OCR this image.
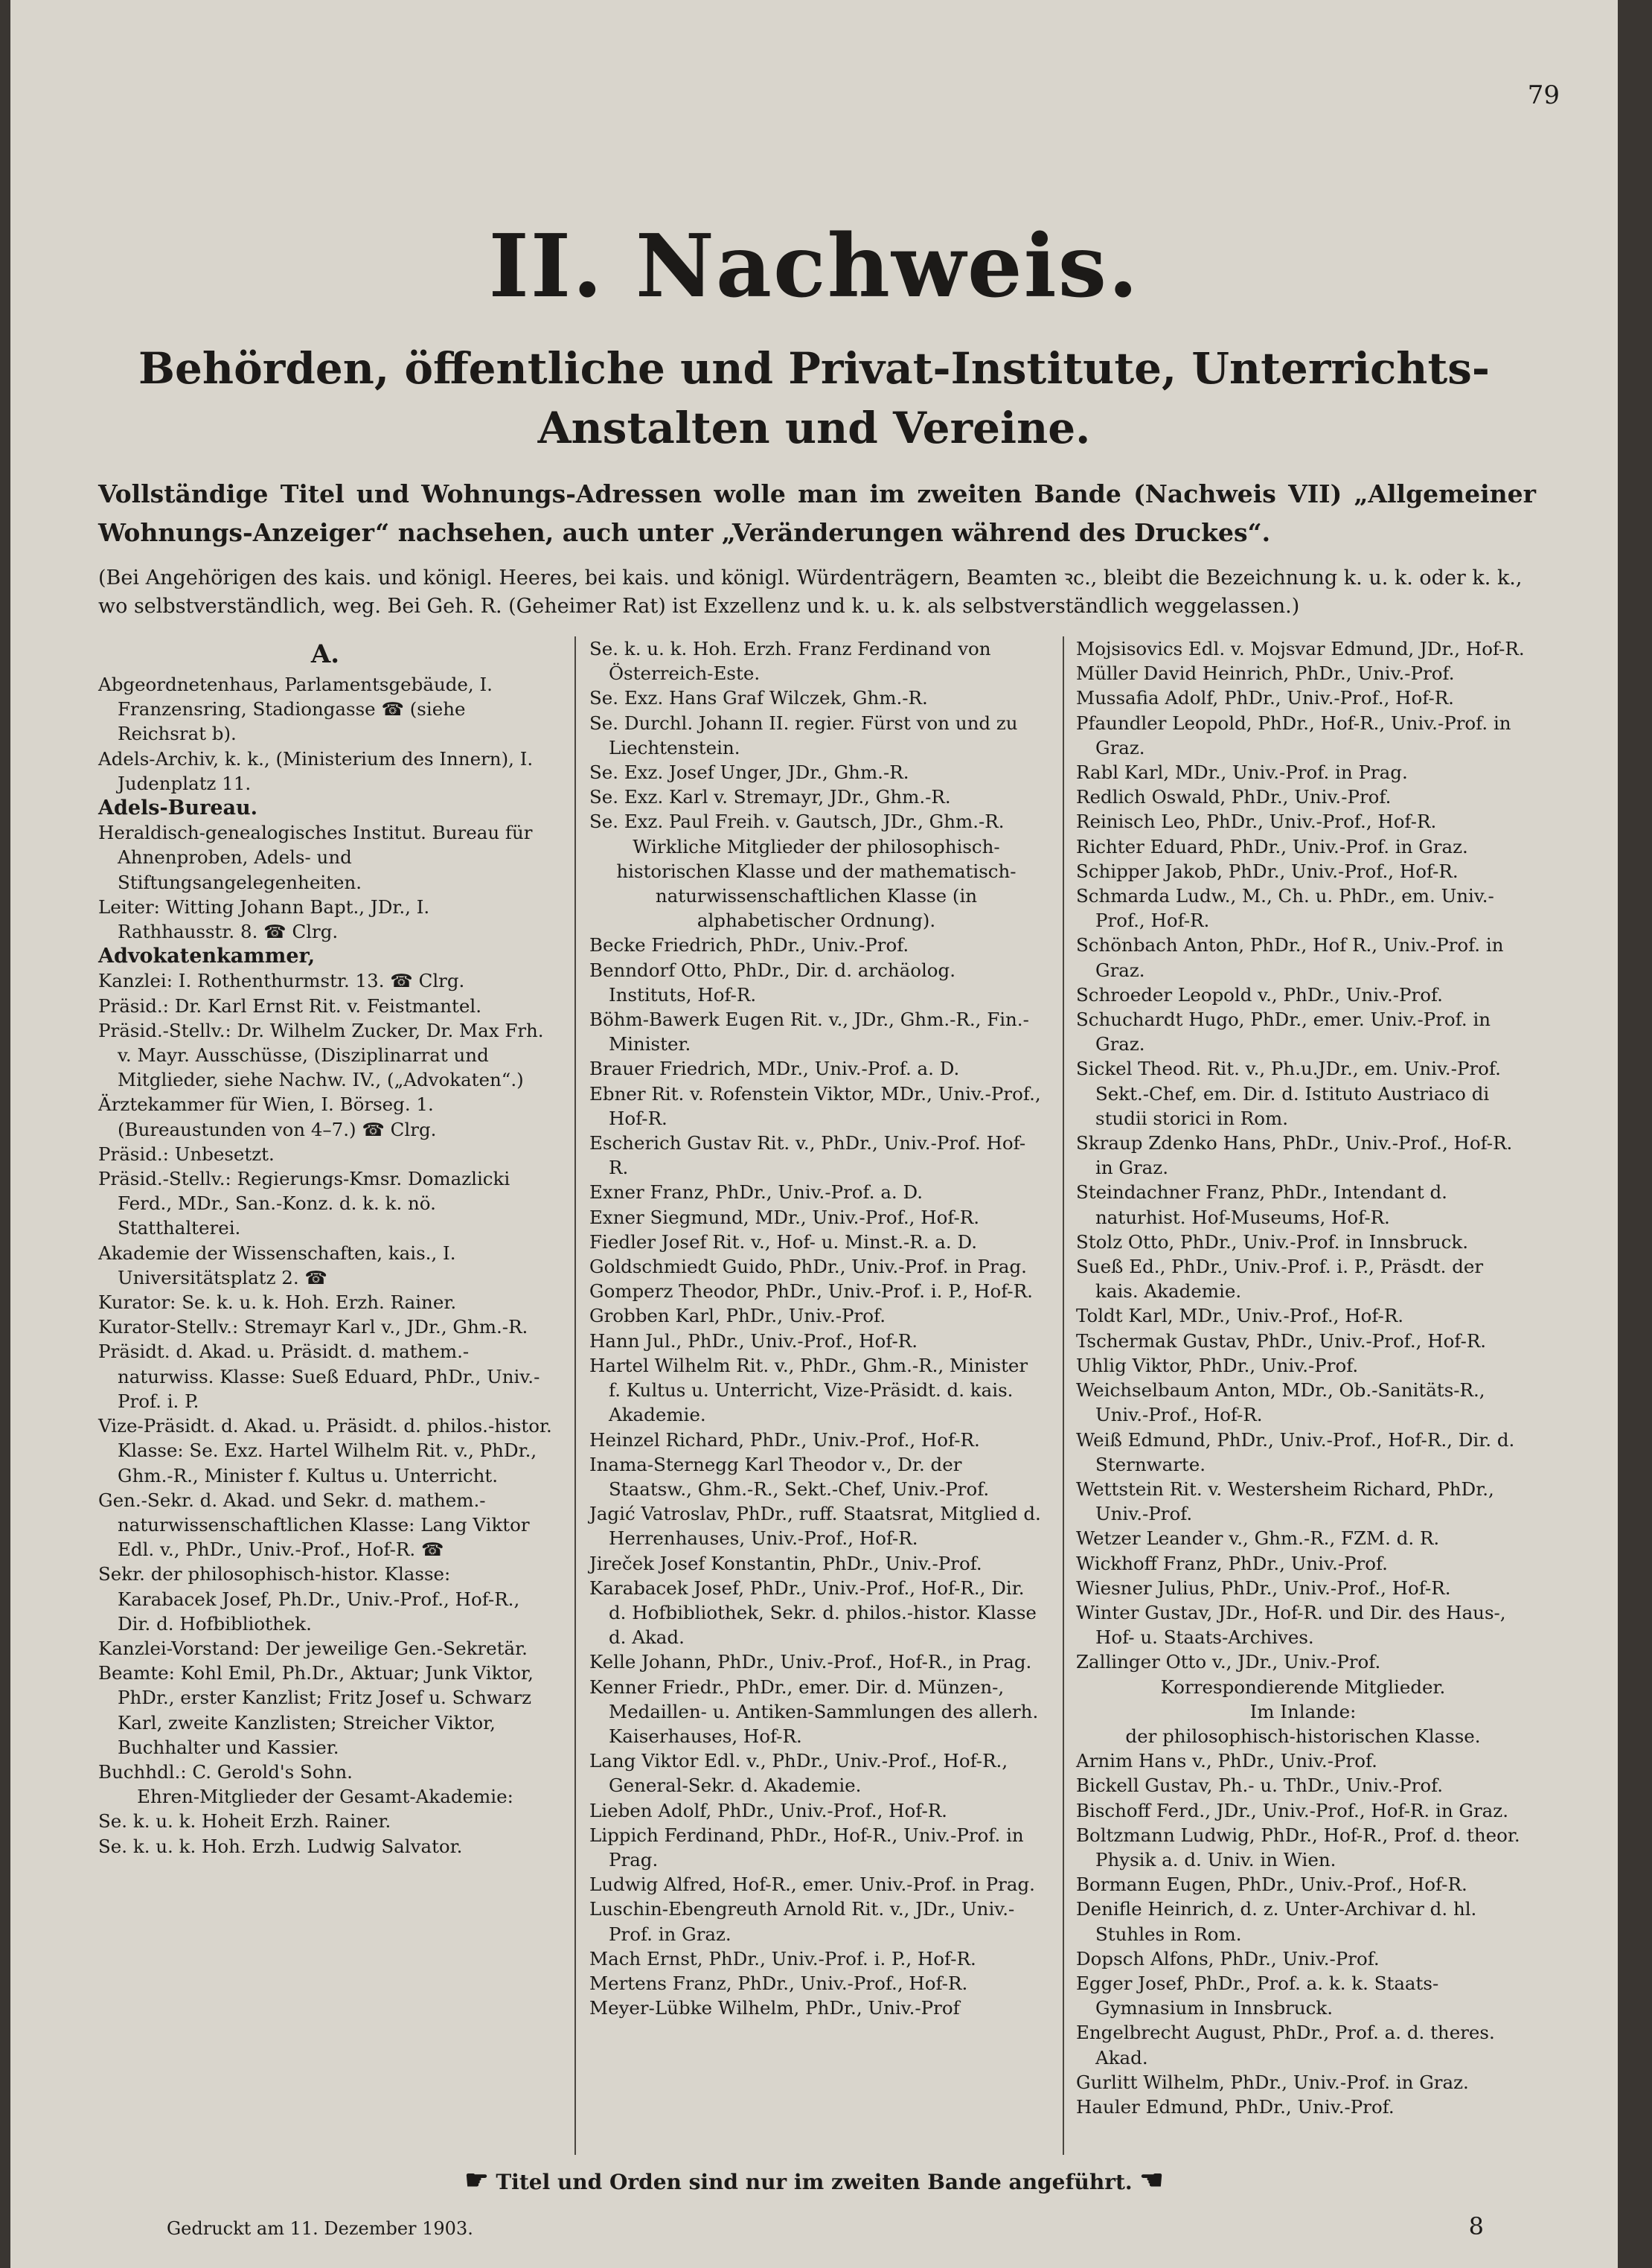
79
II. Nachweis.
Behörden, öffentliche und Privat-Institute, Unterrichts-
Anstalten und Vereine.
Vollständige Titel und Wohnungs-Adressen wolle man im zweiten Bande (Nachweis VII) „Allgemeiner Wohnungs-Anzeiger“ nachsehen, auch unter „Veränderungen während des Druckes“.
(Bei Angehörigen des kais. und königl. Heeres, bei kais. und königl. Würdenträgern, Beamten ꝛc., bleibt die Bezeichnung k. u. k. oder k. k., wo selbstverständlich, weg. Bei Geh. R. (Geheimer Rat) ist Exzellenz und k. u. k. als selbstverständlich weggelassen.)

A.

Abgeordnetenhaus, Parlamentsgebäude, I. Franzensring, Stadiongasse ☎ (siehe Reichsrat b).

Adels-Archiv, k. k., (Ministerium des Innern), I. Judenplatz 11.

Adels-Bureau.

Heraldisch-genealogisches Institut. Bureau für Ahnenproben, Adels- und Stiftungsangelegenheiten.

Leiter: Witting Johann Bapt., JDr., I. Rathhausstr. 8. ☎ Clrg.

Advokatenkammer,

Kanzlei: I. Rothenthurmstr. 13. ☎ Clrg.

Präsid.: Dr. Karl Ernst Rit. v. Feistmantel.

Präsid.-Stellv.: Dr. Wilhelm Zucker, Dr. Max Frh. v. Mayr. Ausschüsse, (Disziplinarrat und Mitglieder, siehe Nachw. IV., („Advokaten“.)

Ärztekammer für Wien, I. Börseg. 1. (Bureaustunden von 4–7.) ☎ Clrg.

Präsid.: Unbesetzt.

Präsid.-Stellv.: Regierungs-Kmsr. Domazlicki Ferd., MDr., San.-Konz. d. k. k. nö. Statthalterei.

Akademie der Wissenschaften, kais., I. Universitätsplatz 2. ☎

Kurator: Se. k. u. k. Hoh. Erzh. Rainer.

Kurator-Stellv.: Stremayr Karl v., JDr., Ghm.-R.

Präsidt. d. Akad. u. Präsidt. d. mathem.-naturwiss. Klasse: Sueß Eduard, PhDr., Univ.-Prof. i. P.

Vize-Präsidt. d. Akad. u. Präsidt. d. philos.-histor. Klasse: Se. Exz. Hartel Wilhelm Rit. v., PhDr., Ghm.-R., Minister f. Kultus u. Unterricht.

Gen.-Sekr. d. Akad. und Sekr. d. mathem.-naturwissenschaftlichen Klasse: Lang Viktor Edl. v., PhDr., Univ.-Prof., Hof-R. ☎

Sekr. der philosophisch-histor. Klasse: Karabacek Josef, Ph.Dr., Univ.-Prof., Hof-R., Dir. d. Hofbibliothek.

Kanzlei-Vorstand: Der jeweilige Gen.-Sekretär.

Beamte: Kohl Emil, Ph.Dr., Aktuar; Junk Viktor, PhDr., erster Kanzlist; Fritz Josef u. Schwarz Karl, zweite Kanzlisten; Streicher Viktor, Buchhalter und Kassier.

Buchhdl.: C. Gerold's Sohn.

Ehren-Mitglieder der Gesamt-Akademie:

Se. k. u. k. Hoheit Erzh. Rainer.

Se. k. u. k. Hoh. Erzh. Ludwig Salvator.

Se. k. u. k. Hoh. Erzh. Franz Ferdinand von Österreich-Este.

Se. Exz. Hans Graf Wilczek, Ghm.-R.

Se. Durchl. Johann II. regier. Fürst von und zu Liechtenstein.

Se. Exz. Josef Unger, JDr., Ghm.-R.

Se. Exz. Karl v. Stremayr, JDr., Ghm.-R.

Se. Exz. Paul Freih. v. Gautsch, JDr., Ghm.-R.

Wirkliche Mitglieder der philosophisch-historischen Klasse und der mathematisch-naturwissenschaftlichen Klasse (in alphabetischer Ordnung).

Becke Friedrich, PhDr., Univ.-Prof.

Benndorf Otto, PhDr., Dir. d. archäolog. Instituts, Hof-R.

Böhm-Bawerk Eugen Rit. v., JDr., Ghm.-R., Fin.-Minister.

Brauer Friedrich, MDr., Univ.-Prof. a. D.

Ebner Rit. v. Rofenstein Viktor, MDr., Univ.-Prof., Hof-R.

Escherich Gustav Rit. v., PhDr., Univ.-Prof. Hof-R.

Exner Franz, PhDr., Univ.-Prof. a. D.

Exner Siegmund, MDr., Univ.-Prof., Hof-R.

Fiedler Josef Rit. v., Hof- u. Minst.-R. a. D.

Goldschmiedt Guido, PhDr., Univ.-Prof. in Prag.

Gomperz Theodor, PhDr., Univ.-Prof. i. P., Hof-R.

Grobben Karl, PhDr., Univ.-Prof.

Hann Jul., PhDr., Univ.-Prof., Hof-R.

Hartel Wilhelm Rit. v., PhDr., Ghm.-R., Minister f. Kultus u. Unterricht, Vize-Präsidt. d. kais. Akademie.

Heinzel Richard, PhDr., Univ.-Prof., Hof-R.

Inama-Sternegg Karl Theodor v., Dr. der Staatsw., Ghm.-R., Sekt.-Chef, Univ.-Prof.

Jagić Vatroslav, PhDr., ruff. Staatsrat, Mitglied d. Herrenhauses, Univ.-Prof., Hof-R.

Jireček Josef Konstantin, PhDr., Univ.-Prof.

Karabacek Josef, PhDr., Univ.-Prof., Hof-R., Dir. d. Hofbibliothek, Sekr. d. philos.-histor. Klasse d. Akad.

Kelle Johann, PhDr., Univ.-Prof., Hof-R., in Prag.

Kenner Friedr., PhDr., emer. Dir. d. Münzen-, Medaillen- u. Antiken-Sammlungen des allerh. Kaiserhauses, Hof-R.

Lang Viktor Edl. v., PhDr., Univ.-Prof., Hof-R., General-Sekr. d. Akademie.

Lieben Adolf, PhDr., Univ.-Prof., Hof-R.

Lippich Ferdinand, PhDr., Hof-R., Univ.-Prof. in Prag.

Ludwig Alfred, Hof-R., emer. Univ.-Prof. in Prag.

Luschin-Ebengreuth Arnold Rit. v., JDr., Univ.-Prof. in Graz.

Mach Ernst, PhDr., Univ.-Prof. i. P., Hof-R.

Mertens Franz, PhDr., Univ.-Prof., Hof-R.

Meyer-Lübke Wilhelm, PhDr., Univ.-Prof

Mojsisovics Edl. v. Mojsvar Edmund, JDr., Hof-R.

Müller David Heinrich, PhDr., Univ.-Prof.

Mussafia Adolf, PhDr., Univ.-Prof., Hof-R.

Pfaundler Leopold, PhDr., Hof-R., Univ.-Prof. in Graz.

Rabl Karl, MDr., Univ.-Prof. in Prag.

Redlich Oswald, PhDr., Univ.-Prof.

Reinisch Leo, PhDr., Univ.-Prof., Hof-R.

Richter Eduard, PhDr., Univ.-Prof. in Graz.

Schipper Jakob, PhDr., Univ.-Prof., Hof-R.

Schmarda Ludw., M., Ch. u. PhDr., em. Univ.-Prof., Hof-R.

Schönbach Anton, PhDr., Hof R., Univ.-Prof. in Graz.

Schroeder Leopold v., PhDr., Univ.-Prof.

Schuchardt Hugo, PhDr., emer. Univ.-Prof. in Graz.

Sickel Theod. Rit. v., Ph.u.JDr., em. Univ.-Prof. Sekt.-Chef, em. Dir. d. Istituto Austriaco di studii storici in Rom.

Skraup Zdenko Hans, PhDr., Univ.-Prof., Hof-R. in Graz.

Steindachner Franz, PhDr., Intendant d. naturhist. Hof-Museums, Hof-R.

Stolz Otto, PhDr., Univ.-Prof. in Innsbruck.

Sueß Ed., PhDr., Univ.-Prof. i. P., Präsdt. der kais. Akademie.

Toldt Karl, MDr., Univ.-Prof., Hof-R.

Tschermak Gustav, PhDr., Univ.-Prof., Hof-R.

Uhlig Viktor, PhDr., Univ.-Prof.

Weichselbaum Anton, MDr., Ob.-Sanitäts-R., Univ.-Prof., Hof-R.

Weiß Edmund, PhDr., Univ.-Prof., Hof-R., Dir. d. Sternwarte.

Wettstein Rit. v. Westersheim Richard, PhDr., Univ.-Prof.

Wetzer Leander v., Ghm.-R., FZM. d. R.

Wickhoff Franz, PhDr., Univ.-Prof.

Wiesner Julius, PhDr., Univ.-Prof., Hof-R.

Winter Gustav, JDr., Hof-R. und Dir. des Haus-, Hof- u. Staats-Archives.

Zallinger Otto v., JDr., Univ.-Prof.

Korrespondierende Mitglieder.

Im Inlande:

der philosophisch-historischen Klasse.

Arnim Hans v., PhDr., Univ.-Prof.

Bickell Gustav, Ph.- u. ThDr., Univ.-Prof.

Bischoff Ferd., JDr., Univ.-Prof., Hof-R. in Graz.

Boltzmann Ludwig, PhDr., Hof-R., Prof. d. theor. Physik a. d. Univ. in Wien.

Bormann Eugen, PhDr., Univ.-Prof., Hof-R.

Denifle Heinrich, d. z. Unter-Archivar d. hl. Stuhles in Rom.

Dopsch Alfons, PhDr., Univ.-Prof.

Egger Josef, PhDr., Prof. a. k. k. Staats-Gymnasium in Innsbruck.

Engelbrecht August, PhDr., Prof. a. d. theres. Akad.

Gurlitt Wilhelm, PhDr., Univ.-Prof. in Graz.

Hauler Edmund, PhDr., Univ.-Prof.

☛ Titel und Orden sind nur im zweiten Bande angeführt. ☚
Gedruckt am 11. Dezember 1903.	8
